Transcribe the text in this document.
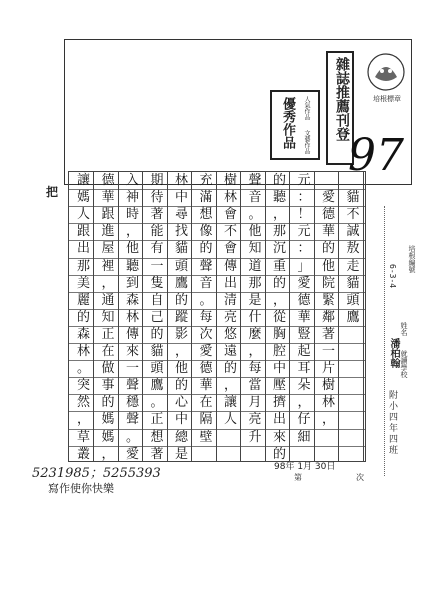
人氣作品
優秀作品	文藝作品
雜誌推薦刊登	培根標章
97
培根編號
6-3-4
姓名
潘柏翰 就讀學校
附小四年四班
把	貓
不
誠
敖
走
貓
頭
鷹
愛
德
華
的
他
院
緊
鄰
著
一
片
樹
林
，
元
：
！
元
：
」
愛
德
華
豎
起
耳
朵
，
仔
細
的
聽
，
那
沉
重
的
，
從
胸
腔
中
壓
擠
出
來
的
聲
音
。
他
知
道
那
是
什
麼
，
每
當
月
亮
升
樹
林
會
不
會
傳
出
清
亮
悠
遠
的
，
讓
人
充
滿
想
像
的
聲
音
。
每
次
愛
德
華
在
隔
壁
林
中
尋
找
貓
頭
鷹
的
蹤
影
，
他
的
心
中
總
是
期
待
著
能
有
一
隻
自
己
的
貓
頭
鷹
。
正
想
著
入
神
時
，
他
聽
到
森
林
傳
來
一
聲
穩
聲
。
愛
德
華
跟
進
屋
裡
，
通
知
正
在
做
事
的
媽
媽
，
讓
媽
人
跟
出
那
美
麗
的
森
林
。
突
然
，
草
叢
98年 1月 30日
第	次
5231985；5255393
寫作使你快樂
